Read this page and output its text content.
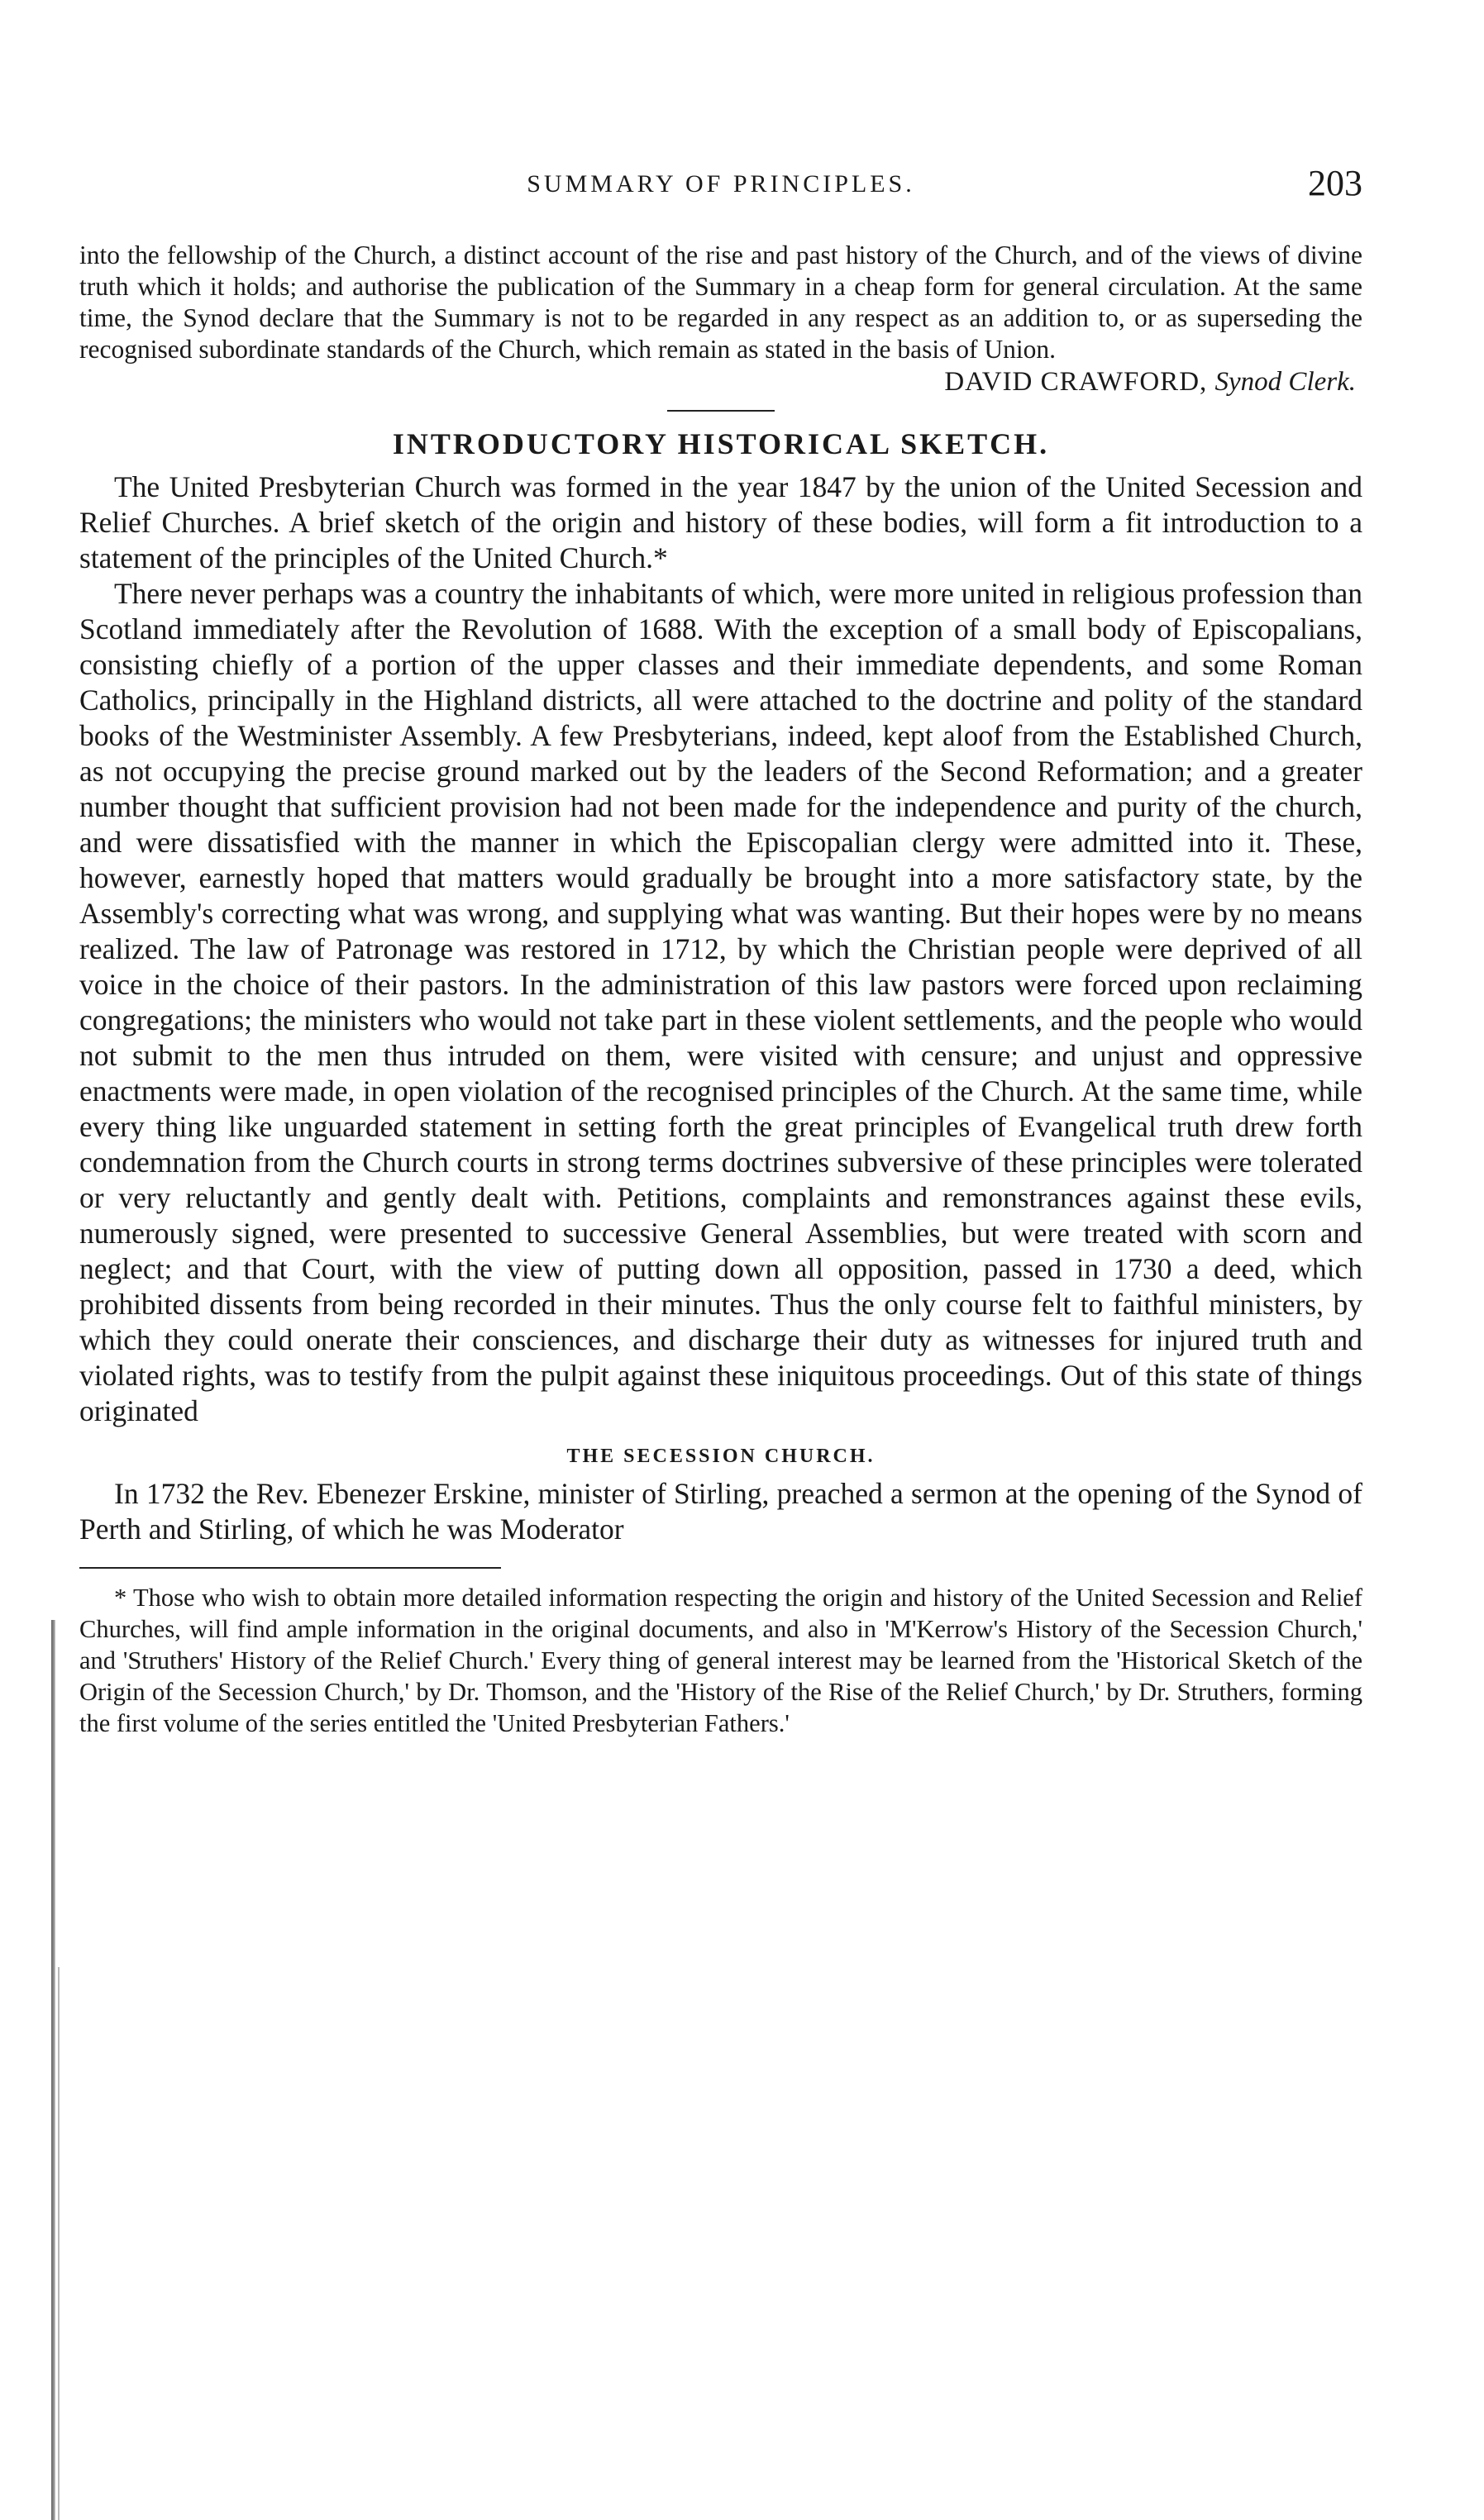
SUMMARY OF PRINCIPLES.	203

into the fellowship of the Church, a distinct account of the rise and past history of the Church, and of the views of divine truth which it holds; and authorise the publication of the Summary in a cheap form for general circulation. At the same time, the Synod declare that the Summary is not to be regarded in any respect as an addition to, or as superseding the recognised subordinate standards of the Church, which remain as stated in the basis of Union.

DAVID CRAWFORD, Synod Clerk.

INTRODUCTORY HISTORICAL SKETCH.

The United Presbyterian Church was formed in the year 1847 by the union of the United Secession and Relief Churches. A brief sketch of the origin and history of these bodies, will form a fit introduction to a statement of the principles of the United Church.*

There never perhaps was a country the inhabitants of which, were more united in religious profession than Scotland immediately after the Revolution of 1688. With the exception of a small body of Episcopalians, consisting chiefly of a portion of the upper classes and their immediate dependents, and some Roman Catholics, principally in the Highland districts, all were attached to the doctrine and polity of the standard books of the Westminister Assembly. A few Presbyterians, indeed, kept aloof from the Established Church, as not occupying the precise ground marked out by the leaders of the Second Reformation; and a greater number thought that sufficient provision had not been made for the independence and purity of the church, and were dissatisfied with the manner in which the Episcopalian clergy were admitted into it. These, however, earnestly hoped that matters would gradually be brought into a more satisfactory state, by the Assembly's correcting what was wrong, and supplying what was wanting. But their hopes were by no means realized. The law of Patronage was restored in 1712, by which the Christian people were deprived of all voice in the choice of their pastors. In the administration of this law pastors were forced upon reclaiming congregations; the ministers who would not take part in these violent settlements, and the people who would not submit to the men thus intruded on them, were visited with censure; and unjust and oppressive enactments were made, in open violation of the recognised principles of the Church. At the same time, while every thing like unguarded statement in setting forth the great principles of Evangelical truth drew forth condemnation from the Church courts in strong terms doctrines subversive of these principles were tolerated or very reluctantly and gently dealt with. Petitions, complaints and remonstrances against these evils, numerously signed, were presented to successive General Assemblies, but were treated with scorn and neglect; and that Court, with the view of putting down all opposition, passed in 1730 a deed, which prohibited dissents from being recorded in their minutes. Thus the only course felt to faithful ministers, by which they could onerate their consciences, and discharge their duty as witnesses for injured truth and violated rights, was to testify from the pulpit against these iniquitous proceedings. Out of this state of things originated

THE SECESSION CHURCH.

In 1732 the Rev. Ebenezer Erskine, minister of Stirling, preached a sermon at the opening of the Synod of Perth and Stirling, of which he was Moderator

* Those who wish to obtain more detailed information respecting the origin and history of the United Secession and Relief Churches, will find ample information in the original documents, and also in 'M'Kerrow's History of the Secession Church,' and 'Struthers' History of the Relief Church.' Every thing of general interest may be learned from the 'Historical Sketch of the Origin of the Secession Church,' by Dr. Thomson, and the 'History of the Rise of the Relief Church,' by Dr. Struthers, forming the first volume of the series entitled the 'United Presbyterian Fathers.'
